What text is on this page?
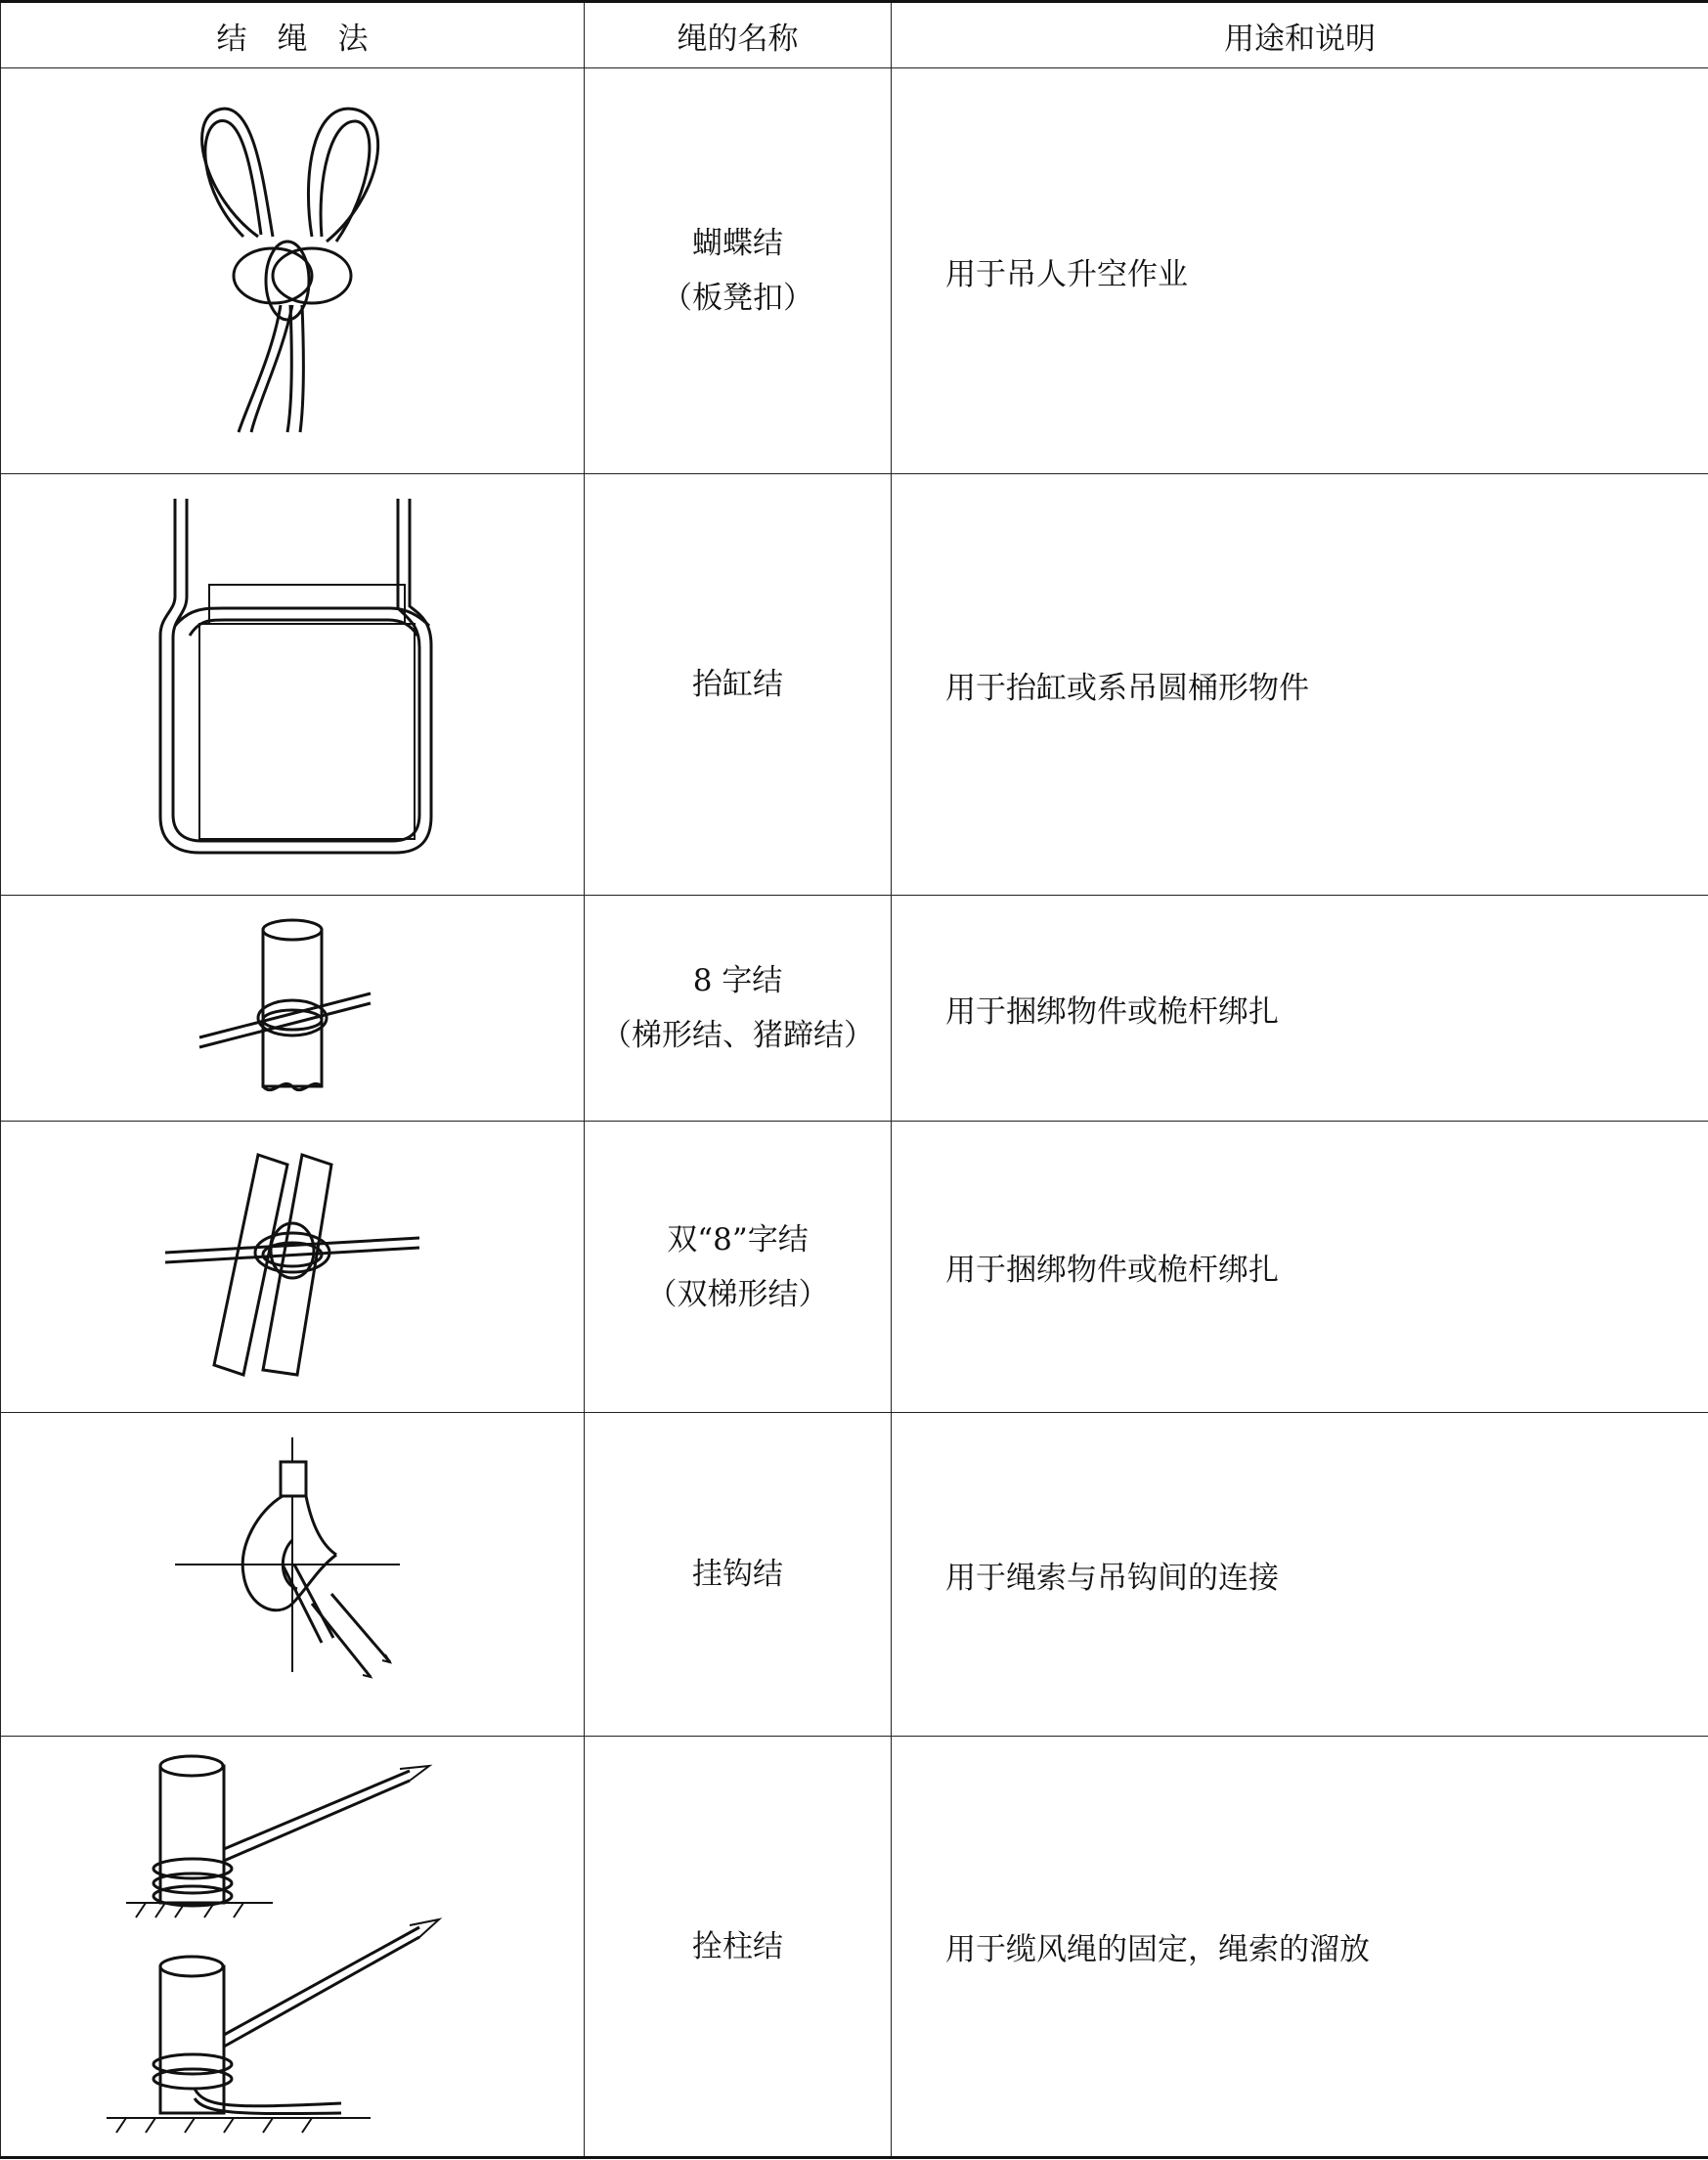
结　绳　法	绳的名称	用途和说明

蝴蝶结
（板凳扣）	用于吊人升空作业

抬缸结	用于抬缸或系吊圆桶形物件

8 字结
（梯形结、猪蹄结）	用于捆绑物件或桅杆绑扎

双“8”字结
（双梯形结）	用于捆绑物件或桅杆绑扎

挂钩结	用于绳索与吊钩间的连接

拴柱结	用于缆风绳的固定，绳索的溜放
